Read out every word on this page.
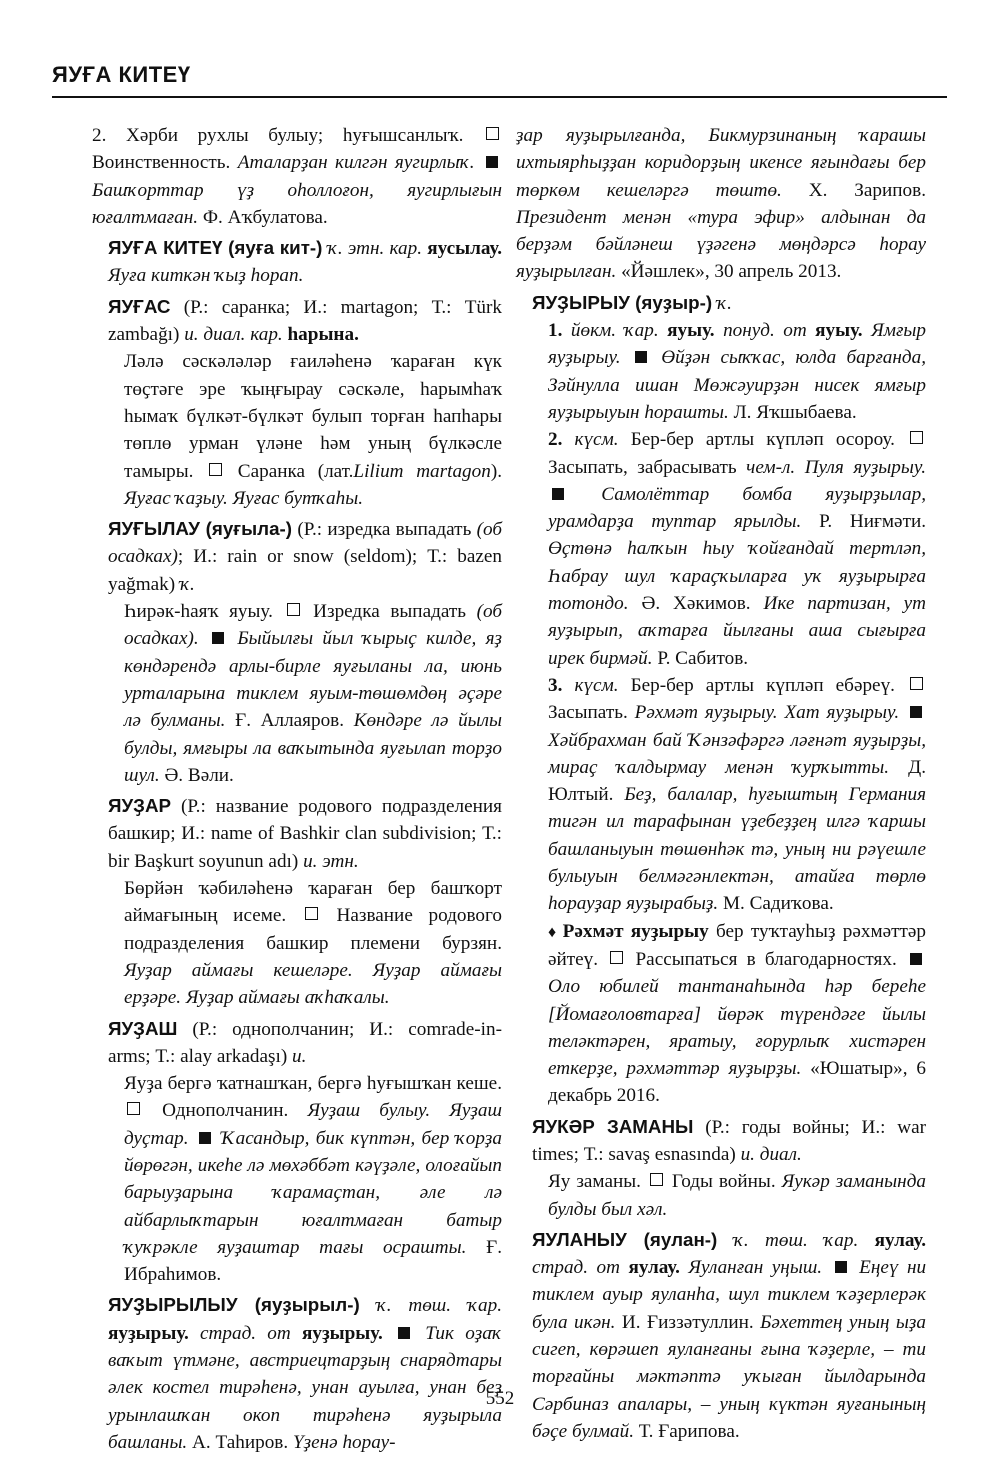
ЯУҒА КИТЕҮ

2. Хәрби рухлы булыу; һуғышсанлыҡ.  Воинственность. Аталарҙан килгән яугирлыҡ.  Башҡорттар үҙ оһоллоғон, яугирлығын юғалтмаған. Ф. Аҡбулатова.

ЯУҒА КИТЕҮ (яуға кит-) ҡ. этн. кар. яусылау. Яуға киткән ҡыҙ һорап.

ЯУҒАС (Р.: саранка; И.: martagon; Т.: Türk zambağı) и. диал. кар. һарына.

Ләлә сәскәләләр ғаиләһенә ҡараған күк төҫтәге эре ҡыңғырау сәскәле, һарымһаҡ һымаҡ бүлкәт-бүлкәт булып торған һапһары төплө урман үләне һәм уның бүлкәсле тамыры. Саранка (лат.Lilium martagon). Яуғас ҡаҙыу. Яуғас бутҡаһы.

ЯУҒЫЛАУ (яуғыла-) (Р.: изредка выпадать (об осадках); И.: rain or snow (seldom); Т.: bazen yağmak) ҡ.

Һирәк-һаяҡ яуыу. Изредка выпадать (об осадках). Быйылғы йыл ҡырыҫ килде, яҙ көндәрендә арлы-бирле яуғыланы ла, июнь урталарына тиклем яуым-төшөмдөң әҫәре лә булманы. Ғ. Аллаяров. Көндәре лә йылы булды, ямғыры ла ваҡытында яуғылап торҙо шул. Ә. Вәли.

ЯУҘАР (Р.: название родового подразделения башкир; И.: name of Bashkir clan subdivision; Т.: bir Başkurt soyunun adı) и. этн.

Бөрйән ҡәбиләһенә ҡараған бер башҡорт аймағының исеме.	Название родового подразделения башкир племени бурзян. Яуҙар аймағы кешеләре. Яуҙар аймағы ерҙәре. Яуҙар аймағы аҡһаҡалы.

ЯУҘАШ (Р.: однополчанин; И.: comrade-in-arms; Т.: alay arkadaşı) и.

Яуҙа бергә ҡатнашҡан, бергә һуғышҡан кеше.  Однополчанин. Яуҙаш булыу. Яуҙаш дуҫтар. Ҡасандыр, бик күптән, бер ҡорҙа йөрөгән, икеһе лә мөхәббәт кәүҙәле, олоғайып барыуҙарына ҡарамаҫтан, әле лә айбарлыҡтарын юғалтмаған батыр ҡуҡрәкле яуҙаштар тағы осрашты. Ғ. Ибраһимов.

ЯУҘЫРЫЛЫУ (яуҙырыл-) ҡ. төш. ҡар. яуҙырыу. страд. от яуҙырыу. Тик оҙаҡ ваҡыт үтмәне, австриецтарҙың снарядтары әлек костел тирәһенә, унан ауылға, унан беҙ урынлашҡан окоп тирәһенә яуҙырыла башланы. А. Таһиров. Үҙенә һорау-

ҙар яуҙырылғанда, Бикмурзинаның ҡарашы ихтыярһыҙҙан коридорҙың икенсе яғындағы бер төркөм кешеләргә төштө. Х. Зарипов. Президент менән «тура эфир» алдынан да берҙәм бәйләнеш үҙәгенә мөңдәрсә һорау яуҙырылған. «Йәшлек», 30 апрель 2013.

ЯУҘЫРЫУ (яуҙыр-) ҡ.

1. йөкм. ҡар. яуыу. понуд. от яуыу. Ямғыр яуҙырыу. Өйҙән сыҡҡас, юлда барғанда, Зәйнулла ишан Мөжәуирҙән нисек ямғыр яуҙырыуын һорашты. Л. Яҡшыбаева.

2. күсм. Бер-бер артлы күпләп осороу.  Засыпать, забрасывать чем-л. Пуля яуҙырыу.  Самолёттар бомба яуҙырҙылар, урамдарҙа туптар ярылды. Р. Ниғмәти. Өҫтөнә һалҡын һыу ҡойғандай тертләп, Һабрау шул ҡараҫҡыларға уҡ яуҙырырға тотондо. Ә. Хәкимов. Ике партизан, ут яуҙырып, аҡтарға йылғаны аша сығырға ирек бирмәй. Р. Сабитов.

3. күсм. Бер-бер артлы күпләп ебәреү.  Засыпать. Рәхмәт яуҙырыу. Хат яуҙырыу.  Хәйбрахман бай Ҡәнзәфәргә ләғнәт яуҙырҙы, мираҫ ҡалдырмау менән ҡурҡытты. Д. Юлтый. Беҙ, балалар, һуғыштың Германия тигән ил тарафынан үҙебеҙҙең илгә ҡаршы башланыуын төшөнһәк тә, уның ни рәүешле булыуын белмәгәнлектән, атайға төрлө һорауҙар яуҙырабыҙ. М. Садиҡова.

♦ Рәхмәт яуҙырыу бер туҡтауһыҙ рәхмәттәр әйтеү. Рассыпаться в благодарностях.  Оло юбилей тантанаһында һәр береһе [Йомағоловтарға] йөрәк түрендәге йылы теләктәрен, яратыу, ғорурлыҡ хистәрен еткерҙе, рәхмәттәр яуҙырҙы. «Юшатыр», 6 декабрь 2016.

ЯУКӘР ЗАМАНЫ (Р.: годы войны; И.: war times; Т.: savaş esnasında) и. диал.

Яу заманы. Годы войны. Яукәр заманында булды был хәл.

ЯУЛАНЫУ (яулан-) ҡ. төш. ҡар. яулау. страд. от яулау. Яуланған уңыш. Еңеү ни тиклем ауыр яуланһа, шул тиклем ҡәҙерлерәк була икән. И. Ғиззәтуллин. Бәхеттең уның ыҙа сигеп, көрәшеп яуланғаны ғына ҡәҙерле, – ти торғайны мәктәптә уҡыған йылдарында Сәрбиназ апалары, – уның күктән яуғанының бәҫе булмай. Т. Ғарипова.

552
